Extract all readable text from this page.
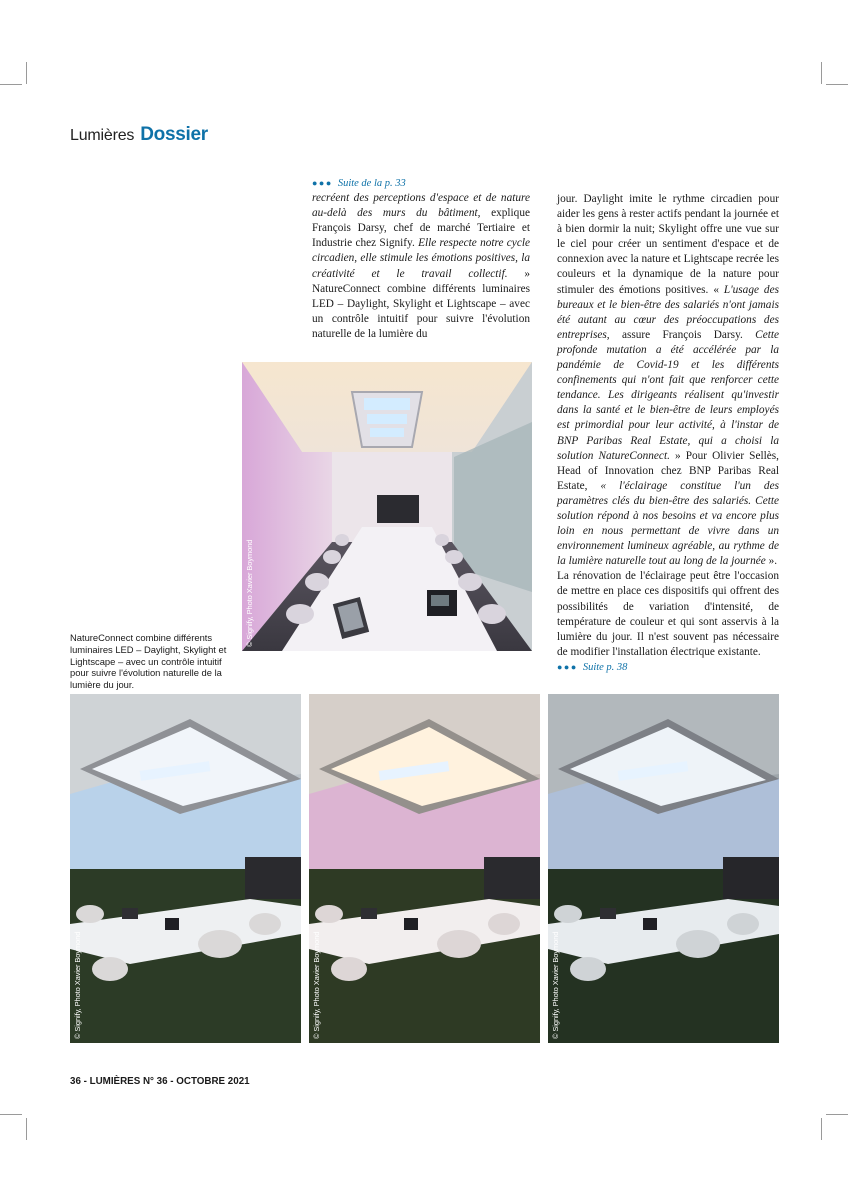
Lumières Dossier

●●● Suite de la p. 33

recréent des perceptions d'espace et de nature au-delà des murs du bâtiment, explique François Darsy, chef de marché Tertiaire et Industrie chez Signify. Elle respecte notre cycle circadien, elle stimule les émotions positives, la créativité et le travail collectif. » NatureConnect combine différents luminaires LED – Daylight, Skylight et Lightscape – avec un contrôle intuitif pour suivre l'évolution naturelle de la lumière du

jour. Daylight imite le rythme circadien pour aider les gens à rester actifs pendant la journée et à bien dormir la nuit; Skylight offre une vue sur le ciel pour créer un sentiment d'espace et de connexion avec la nature et Lightscape recrée les couleurs et la dynamique de la nature pour stimuler des émotions positives. « L'usage des bureaux et le bien-être des salariés n'ont jamais été autant au cœur des préoccupations des entreprises, assure François Darsy. Cette profonde mutation a été accélérée par la pandémie de Covid-19 et les différents confinements qui n'ont fait que renforcer cette tendance. Les dirigeants réalisent qu'investir dans la santé et le bien-être de leurs employés est primordial pour leur activité, à l'instar de BNP Paribas Real Estate, qui a choisi la solution NatureConnect. » Pour Olivier Sellès, Head of Innovation chez BNP Paribas Real Estate, « l'éclairage constitue l'un des paramètres clés du bien-être des salariés. Cette solution répond à nos besoins et va encore plus loin en nous permettant de vivre dans un environnement lumineux agréable, au rythme de la lumière naturelle tout au long de la journée ».

La rénovation de l'éclairage peut être l'occasion de mettre en place ces dispositifs qui offrent des possibilités de variation d'intensité, de température de couleur et qui sont asservis à la lumière du jour. Il n'est souvent pas nécessaire de modifier l'installation électrique existante.

●●● Suite p. 38

© Signify, Photo Xavier Boymond
NatureConnect combine différents luminaires LED – Daylight, Skylight et Lightscape – avec un contrôle intuitif pour suivre l'évolution naturelle de la lumière du jour.
© Signify, Photo Xavier Boymond	© Signify, Photo Xavier Boymond	© Signify, Photo Xavier Boymond
36 - LUMIÈRES N° 36 - OCTOBRE 2021
